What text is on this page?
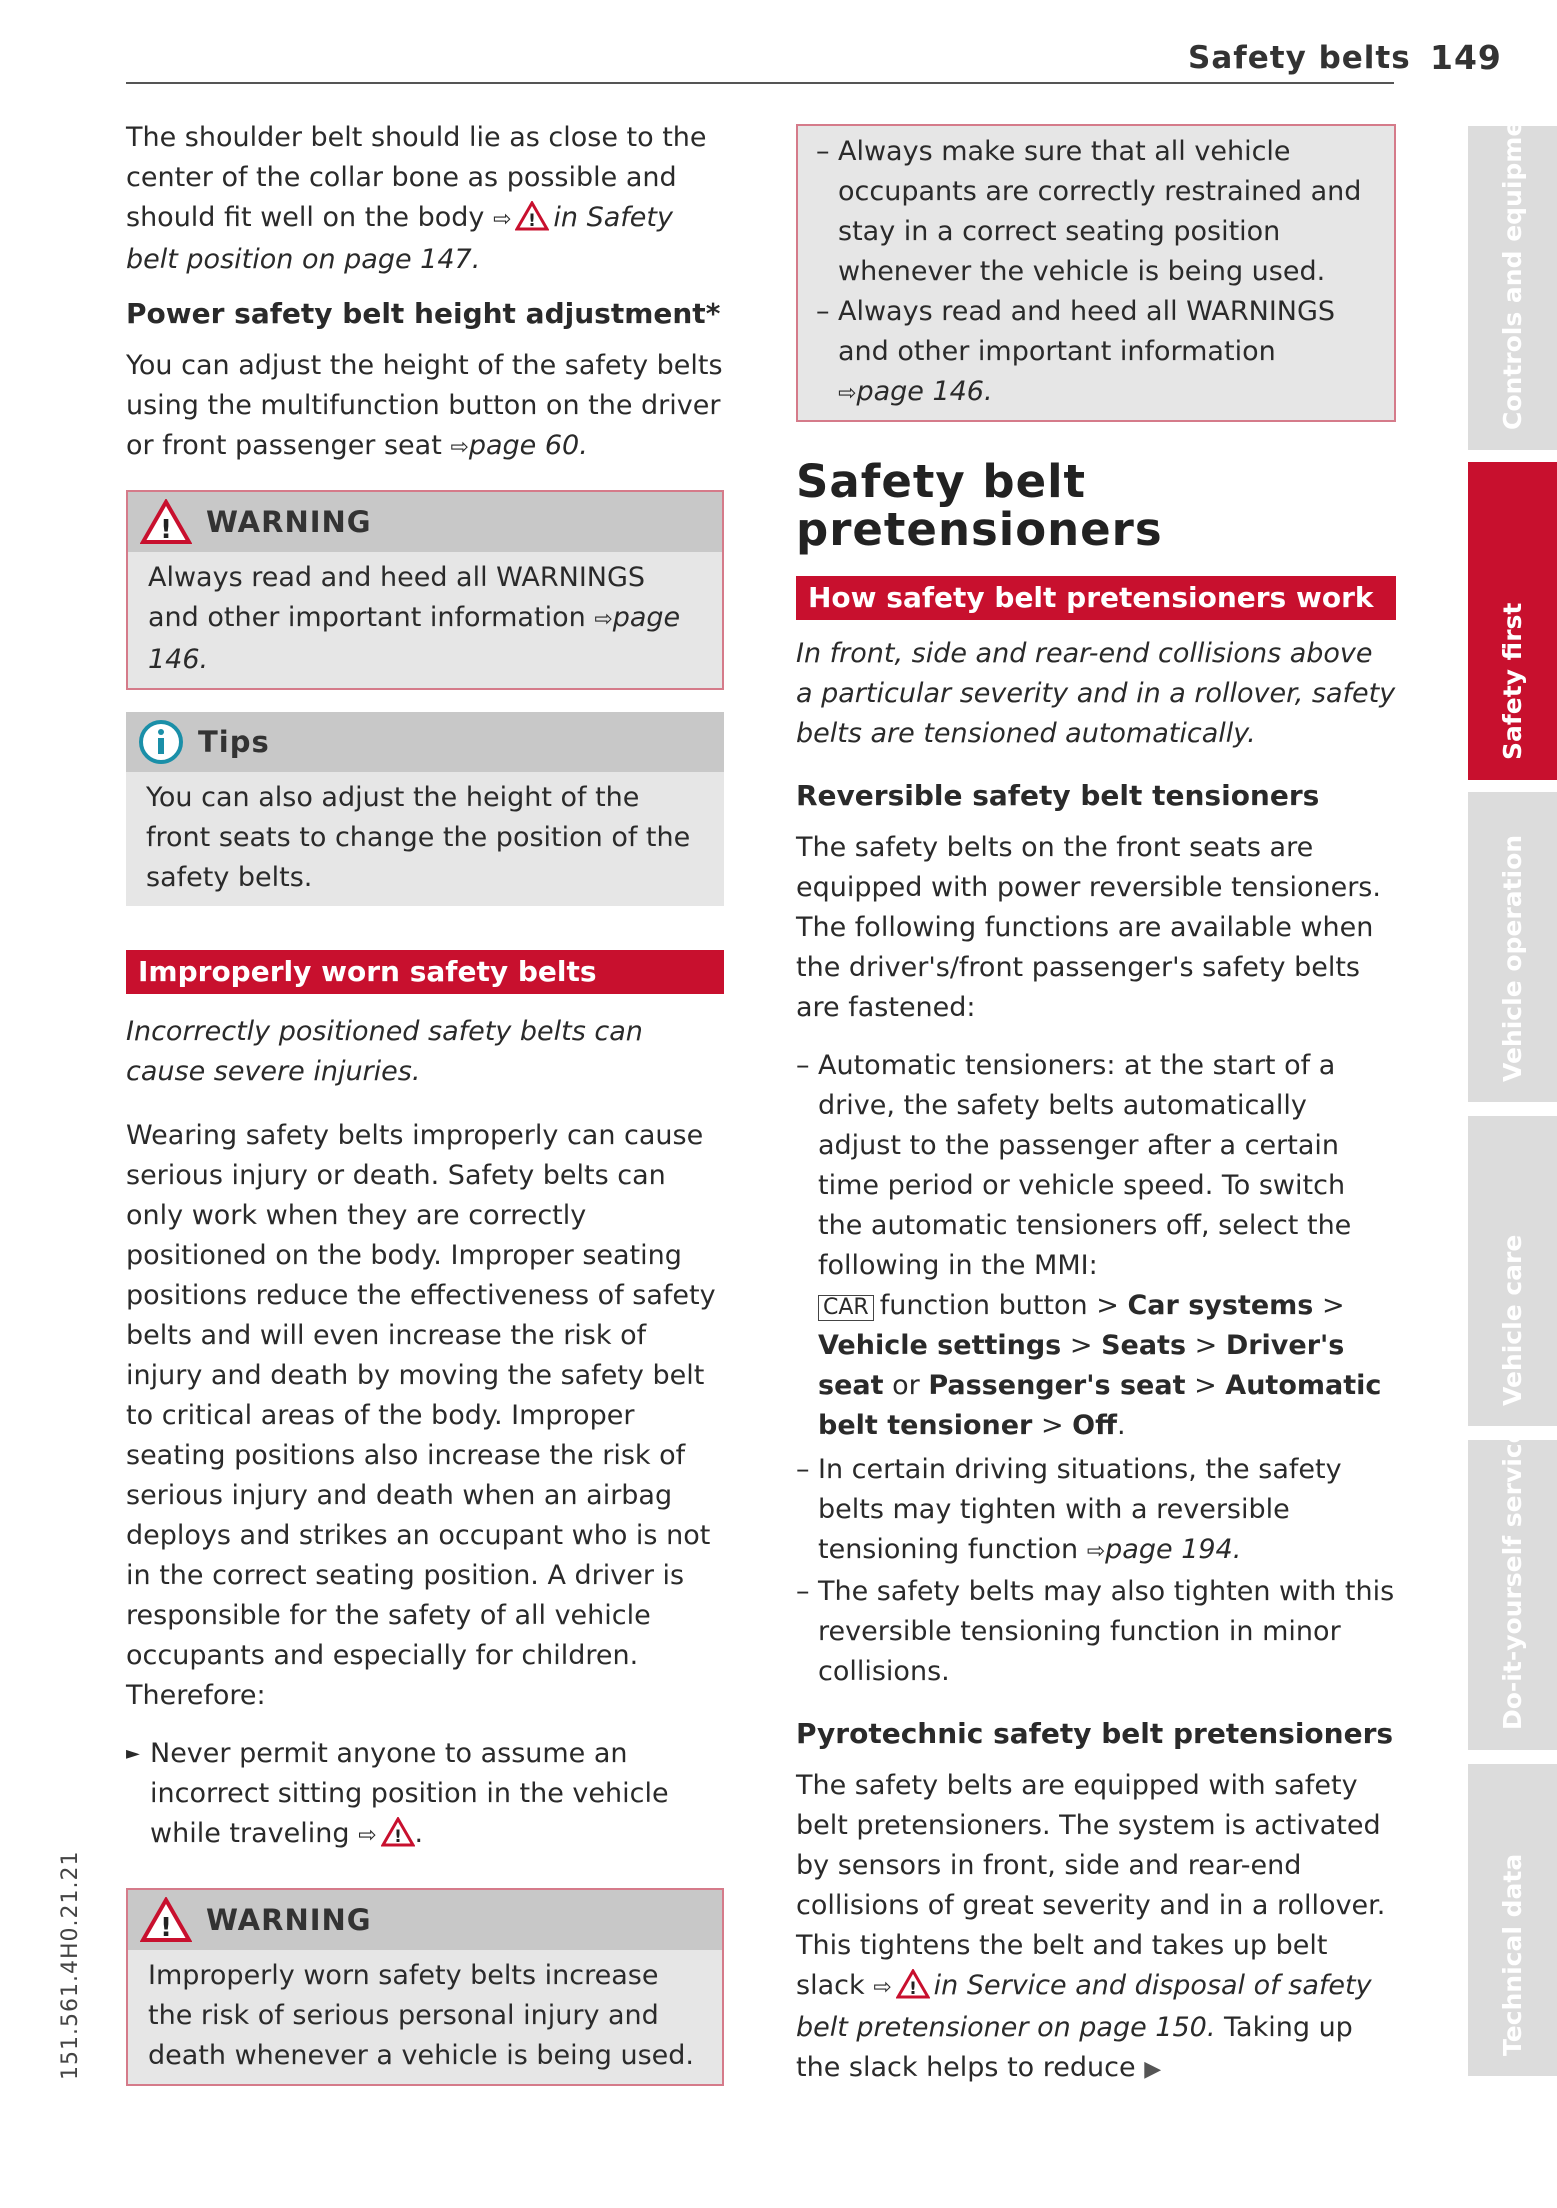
Safety belts 149
151.561.4H0.21.21

The shoulder belt should lie as close to the center of the collar bone as possible and should fit well on the body ⇨ ! in Safety belt position on page 147.

Power safety belt height adjustment*

You can adjust the height of the safety belts using the multifunction button on the driver or front passenger seat ⇨page 60.

! WARNING

Always read and heed all WARNINGS and other important information ⇨page 146.

Tips

You can also adjust the height of the front seats to change the position of the safety belts.

Improperly worn safety belts

Incorrectly positioned safety belts can cause severe injuries.

Wearing safety belts improperly can cause serious injury or death. Safety belts can only work when they are correctly positioned on the body. Improper seating positions reduce the effectiveness of safety belts and will even increase the risk of injury and death by moving the safety belt to critical areas of the body. Improper seating positions also increase the risk of serious injury and death when an airbag deploys and strikes an occupant who is not in the correct seating position. A driver is responsible for the safety of all vehicle occupants and especially for children. Therefore:

► Never permit anyone to assume an incorrect sitting position in the vehicle while traveling ⇨ ! .

! WARNING

Improperly worn safety belts increase the risk of serious personal injury and death whenever a vehicle is being used.

– Always make sure that all vehicle occupants are correctly restrained and stay in a correct seating position whenever the vehicle is being used.
– Always read and heed all WARNINGS and other important information
⇨page 146.

Safety belt pretensioners

How safety belt pretensioners work

In front, side and rear-end collisions above a particular severity and in a rollover, safety belts are tensioned automatically.

Reversible safety belt tensioners

The safety belts on the front seats are equipped with power reversible tensioners. The following functions are available when the driver's/front passenger's safety belts are fastened:

– Automatic tensioners: at the start of a drive, the safety belts automatically adjust to the passenger after a certain time period or vehicle speed. To switch the automatic tensioners off, select the following in the MMI:
CAR function button > Car systems > Vehicle settings > Seats > Driver's seat or Passenger's seat > Automatic belt tensioner > Off.
– In certain driving situations, the safety belts may tighten with a reversible tensioning function ⇨page 194.
– The safety belts may also tighten with this reversible tensioning function in minor collisions.

Pyrotechnic safety belt pretensioners

The safety belts are equipped with safety belt pretensioners. The system is activated by sensors in front, side and rear-end collisions of great severity and in a rollover. This tightens the belt and takes up belt slack ⇨ ! in Service and disposal of safety belt pretensioner on page 150. Taking up the slack helps to reduce ▶

Controls and equipment
Safety first
Vehicle operation
Vehicle care
Do-it-yourself service
Technical data
